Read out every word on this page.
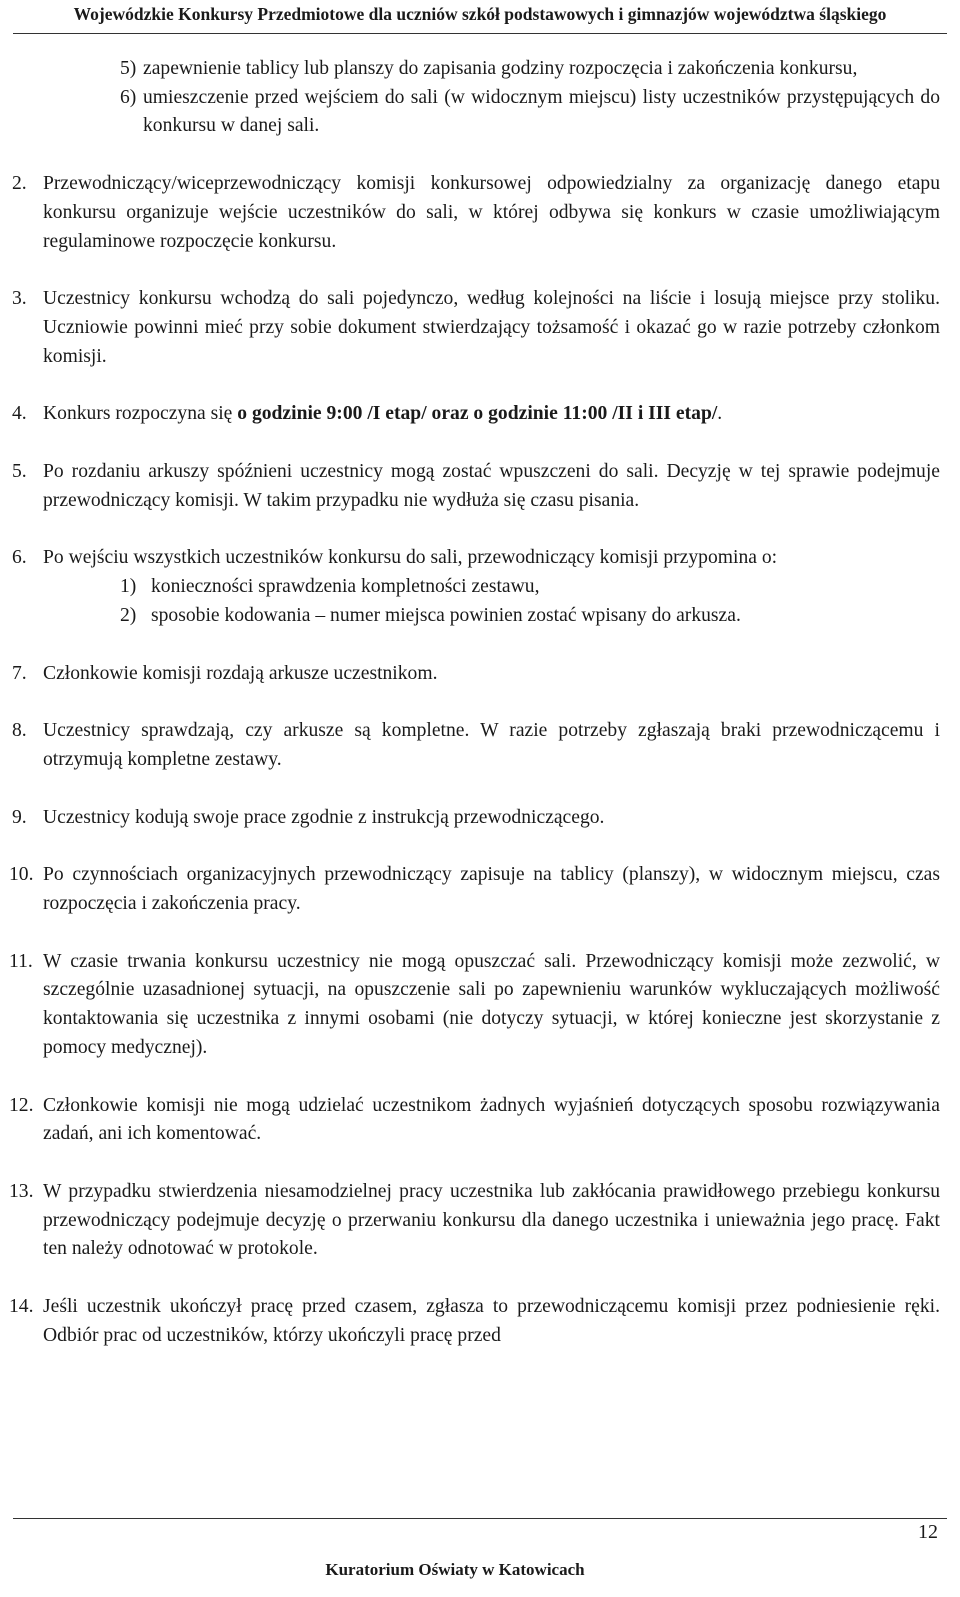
Wojewódzkie Konkursy Przedmiotowe dla uczniów szkół podstawowych i gimnazjów województwa śląskiego

5) zapewnienie tablicy lub planszy do zapisania godziny rozpoczęcia i zakończenia konkursu,

6) umieszczenie przed wejściem do sali (w widocznym miejscu) listy uczestników przystępujących do konkursu w danej sali.

2. Przewodniczący/wiceprzewodniczący komisji konkursowej odpowiedzialny za organizację danego etapu konkursu organizuje wejście uczestników do sali, w której odbywa się konkurs w czasie umożliwiającym regulaminowe rozpoczęcie konkursu.

3. Uczestnicy konkursu wchodzą do sali pojedynczo, według kolejności na liście i losują miejsce przy stoliku. Uczniowie powinni mieć przy sobie dokument stwierdzający tożsamość i okazać go w razie potrzeby członkom komisji.

4. Konkurs rozpoczyna się o godzinie 9:00 /I etap/ oraz o godzinie 11:00 /II i III etap/.

5. Po rozdaniu arkuszy spóźnieni uczestnicy mogą zostać wpuszczeni do sali. Decyzję w tej sprawie podejmuje przewodniczący komisji. W takim przypadku nie wydłuża się czasu pisania.

6. Po wejściu wszystkich uczestników konkursu do sali, przewodniczący komisji przypomina o:

1) konieczności sprawdzenia kompletności zestawu,

2) sposobie kodowania – numer miejsca powinien zostać wpisany do arkusza.

7. Członkowie komisji rozdają arkusze uczestnikom.

8. Uczestnicy sprawdzają, czy arkusze są kompletne. W razie potrzeby zgłaszają braki przewodniczącemu i otrzymują kompletne zestawy.

9. Uczestnicy kodują swoje prace zgodnie z instrukcją przewodniczącego.

10. Po czynnościach organizacyjnych przewodniczący zapisuje na tablicy (planszy), w widocznym miejscu, czas rozpoczęcia i zakończenia pracy.

11. W czasie trwania konkursu uczestnicy nie mogą opuszczać sali. Przewodniczący komisji może zezwolić, w szczególnie uzasadnionej sytuacji, na opuszczenie sali po zapewnieniu warunków wykluczających możliwość kontaktowania się uczestnika z innymi osobami (nie dotyczy sytuacji, w której konieczne jest skorzystanie z pomocy medycznej).

12. Członkowie komisji nie mogą udzielać uczestnikom żadnych wyjaśnień dotyczących sposobu rozwiązywania zadań, ani ich komentować.

13. W przypadku stwierdzenia niesamodzielnej pracy uczestnika lub zakłócania prawidłowego przebiegu konkursu przewodniczący podejmuje decyzję o przerwaniu konkursu dla danego uczestnika i unieważnia jego pracę. Fakt ten należy odnotować w protokole.

14. Jeśli uczestnik ukończył pracę przed czasem, zgłasza to przewodniczącemu komisji przez podniesienie ręki. Odbiór prac od uczestników, którzy ukończyli pracę przed

12
Kuratorium Oświaty w Katowicach
